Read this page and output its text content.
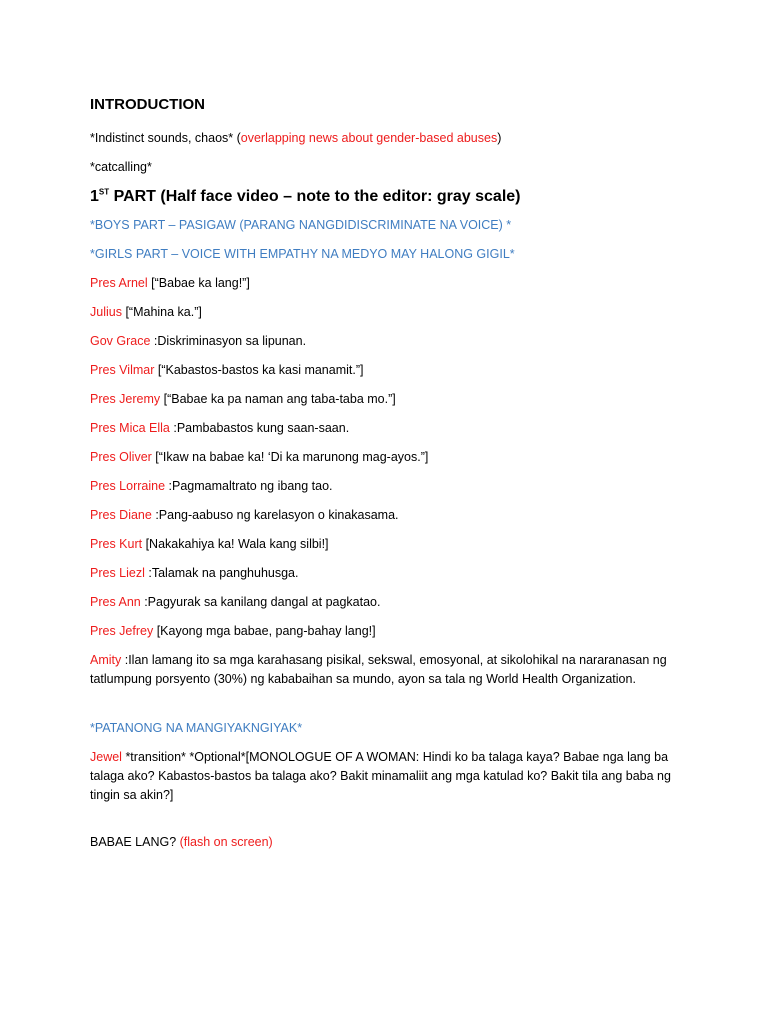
INTRODUCTION
*Indistinct sounds, chaos* (overlapping news about gender-based abuses)
*catcalling*
1ST PART (Half face video – note to the editor: gray scale)
*BOYS PART – PASIGAW (PARANG NANGDIDISCRIMINATE NA VOICE) *
*GIRLS PART – VOICE WITH EMPATHY NA MEDYO MAY HALONG GIGIL*
Pres Arnel [“Babae ka lang!”]
Julius [“Mahina ka.”]
Gov Grace :Diskriminasyon sa lipunan.
Pres Vilmar [“Kabastos-bastos ka kasi manamit.”]
Pres Jeremy [“Babae ka pa naman ang taba-taba mo.”]
Pres Mica Ella :Pambabastos kung saan-saan.
Pres Oliver [“Ikaw na babae ka! ‘Di ka marunong mag-ayos.”]
Pres Lorraine :Pagmamaltrato ng ibang tao.
Pres Diane :Pang-aabuso ng karelasyon o kinakasama.
Pres Kurt [Nakakahiya ka! Wala kang silbi!]
Pres Liezl :Talamak na panghuhusga.
Pres Ann :Pagyurak sa kanilang dangal at pagkatao.
Pres Jefrey [Kayong mga babae, pang-bahay lang!]
Amity :Ilan lamang ito sa mga karahasang pisikal, sekswal, emosyonal, at sikolohikal na nararanasan ng tatlumpung porsyento (30%) ng kababaihan sa mundo, ayon sa tala ng World Health Organization.
*PATANONG NA MANGIYAKNGIYAK*
Jewel *transition* *Optional*[MONOLOGUE OF A WOMAN: Hindi ko ba talaga kaya? Babae nga lang ba talaga ako? Kabastos-bastos ba talaga ako? Bakit minamaliit ang mga katulad ko? Bakit tila ang baba ng tingin sa akin?]
BABAE LANG? (flash on screen)
